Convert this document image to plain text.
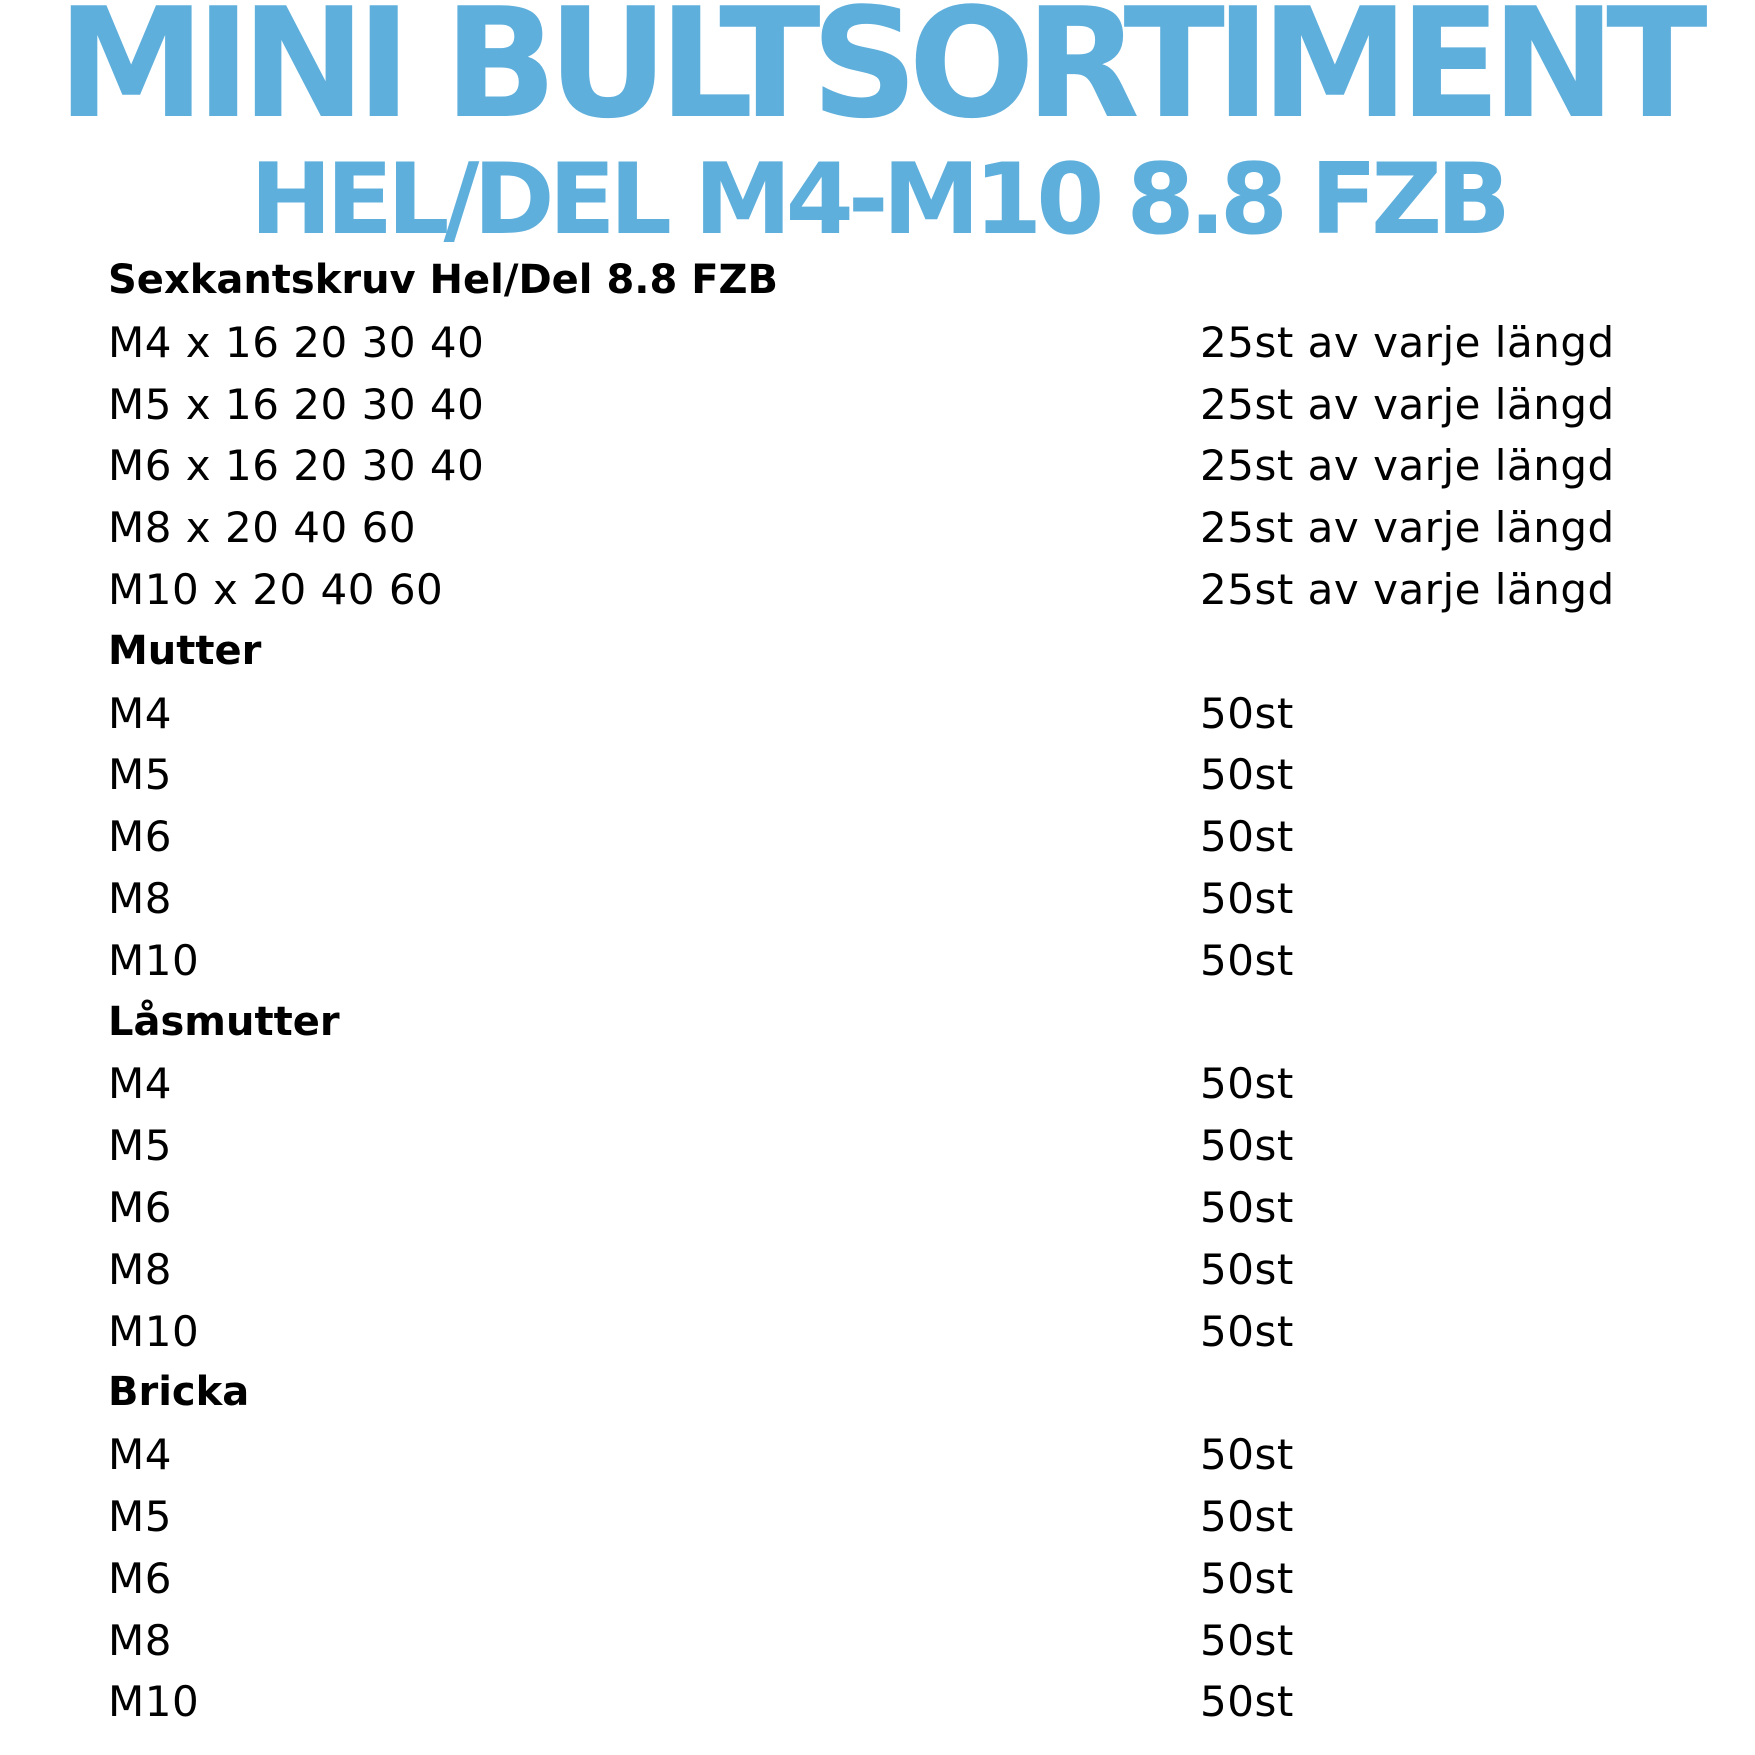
MINI BULTSORTIMENT
HEL/DEL M4-M10 8.8 FZB
Sexkantskruv Hel/Del 8.8 FZB
M4 x 16 20 30 40	25st av varje längd
M5 x 16 20 30 40	25st av varje längd
M6 x 16 20 30 40	25st av varje längd
M8 x 20 40 60	25st av varje längd
M10 x 20 40 60	25st av varje längd
Mutter
M4	50st
M5	50st
M6	50st
M8	50st
M10	50st
Låsmutter
M4	50st
M5	50st
M6	50st
M8	50st
M10	50st
Bricka
M4	50st
M5	50st
M6	50st
M8	50st
M10	50st
